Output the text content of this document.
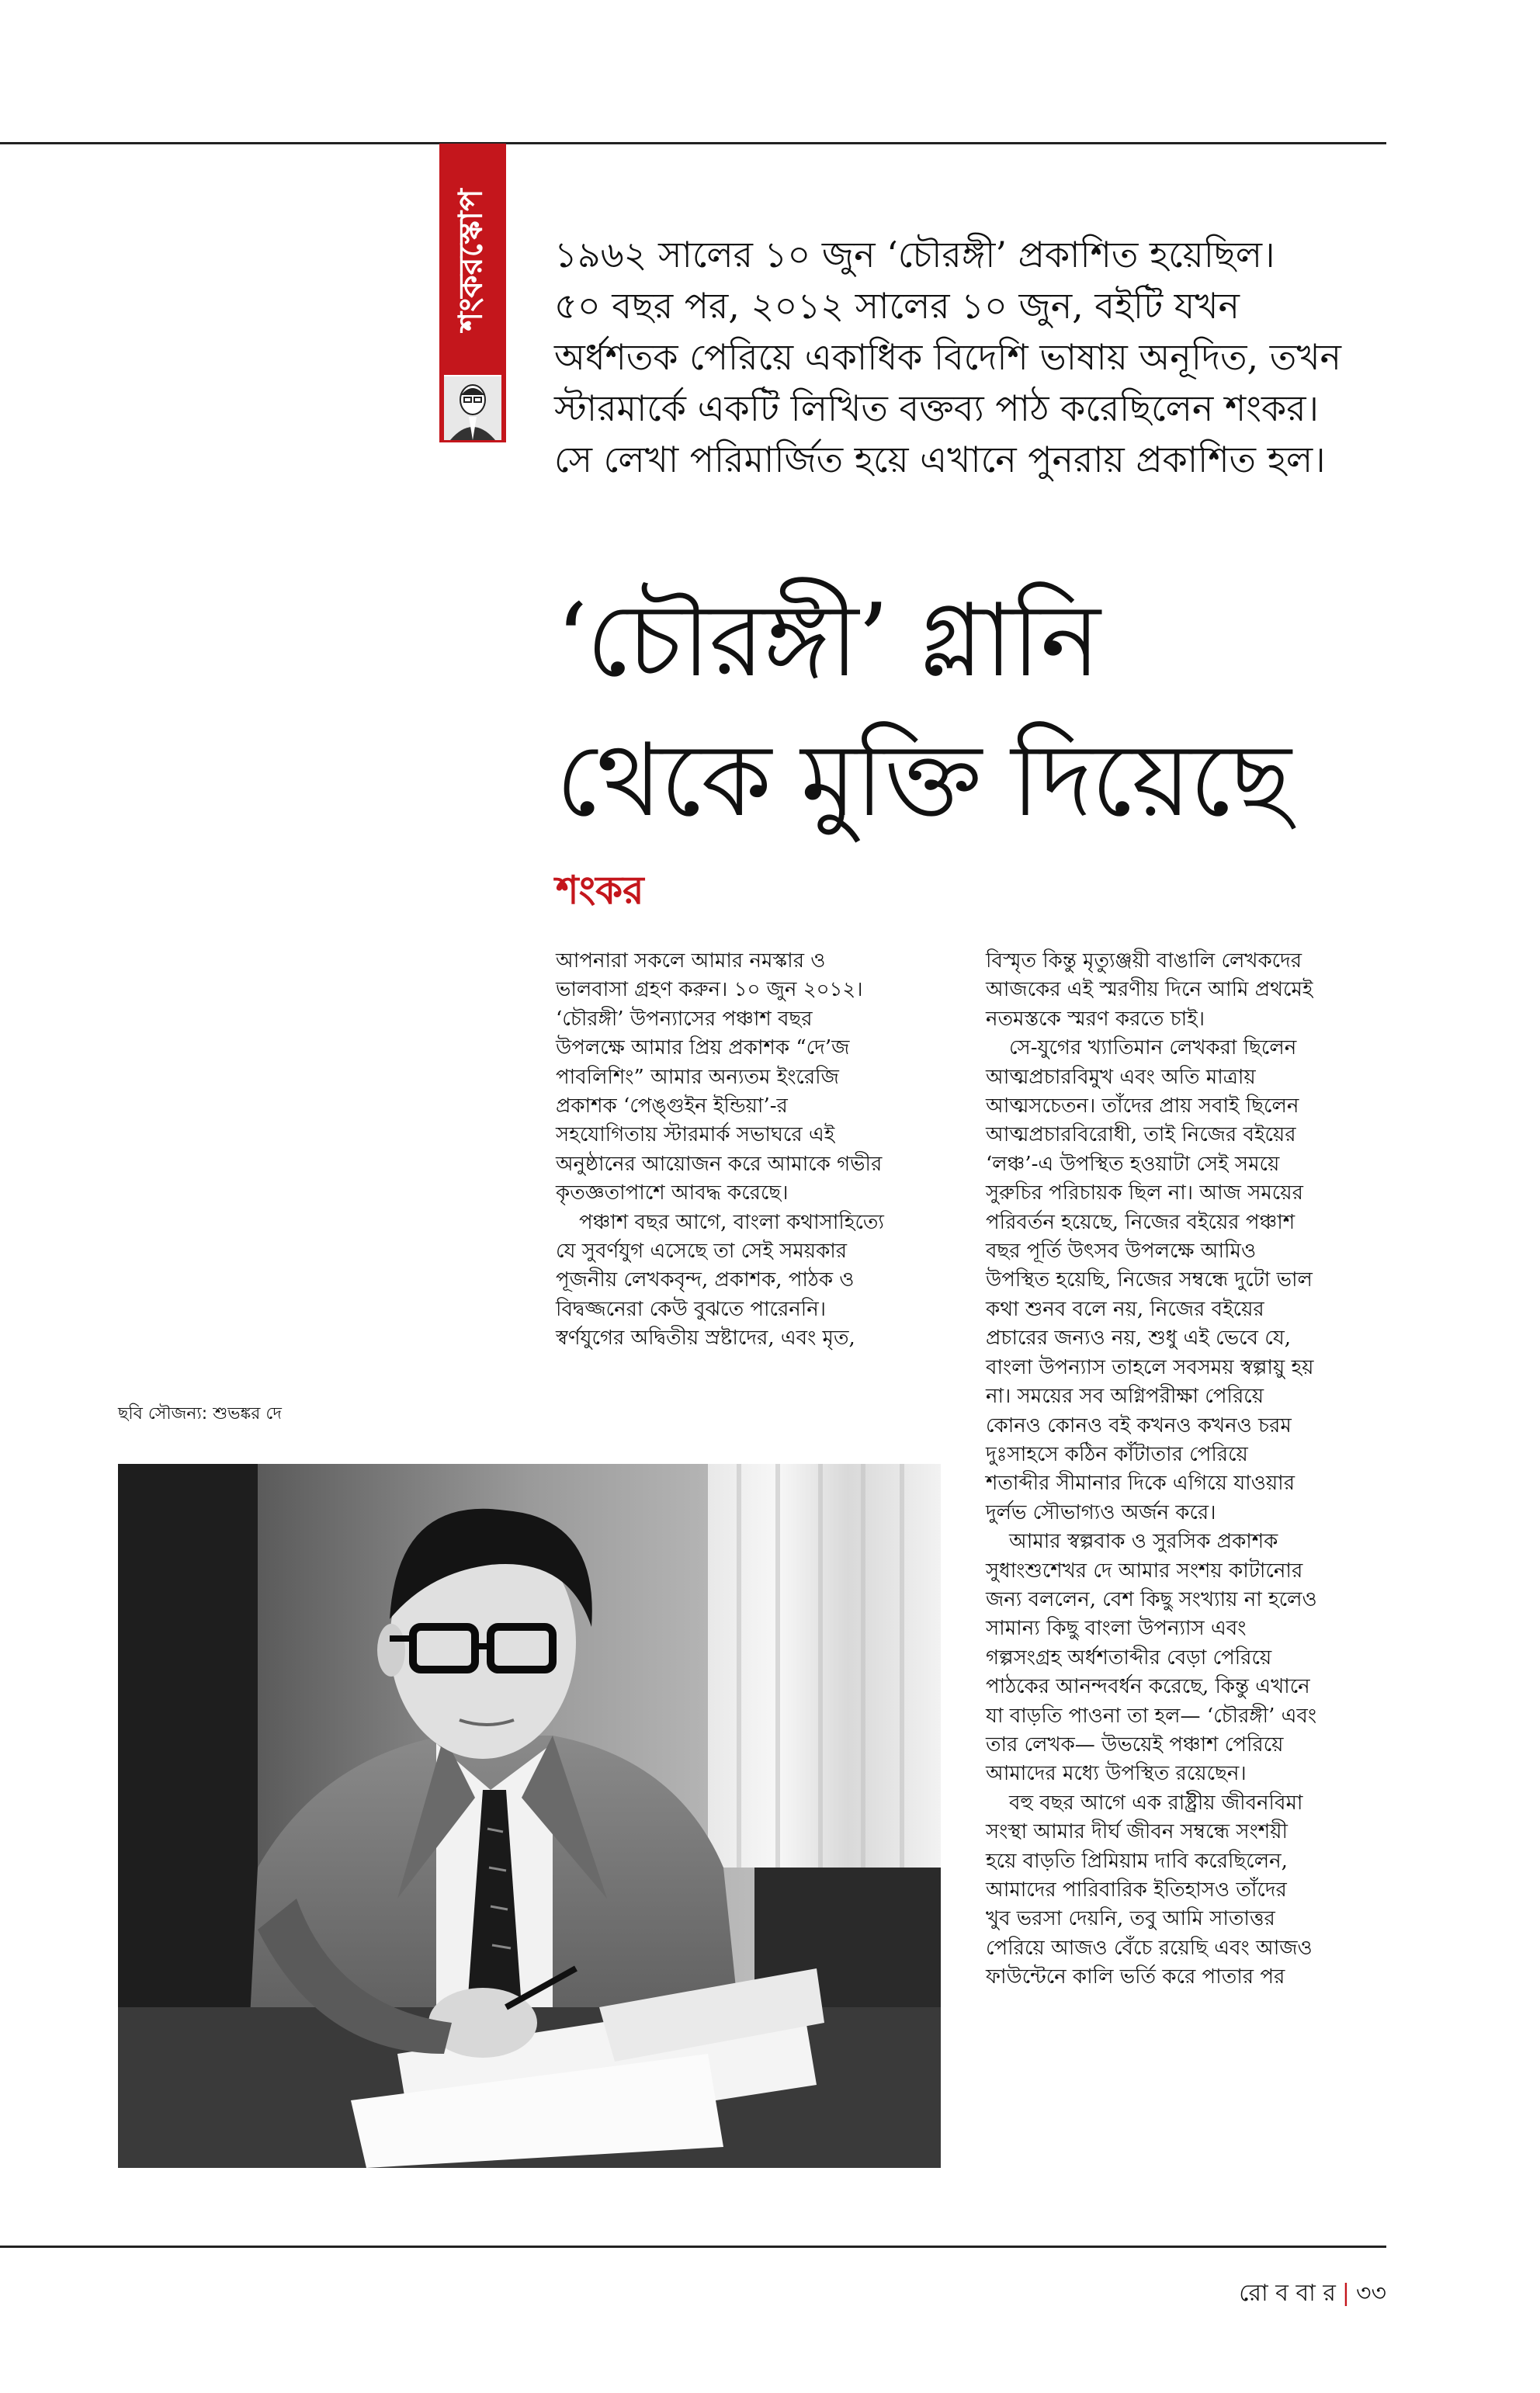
শংকরস্কোপ	১৯৬২ সালের ১০ জুন ‘চৌরঙ্গী’ প্রকাশিত হয়েছিল।
৫০ বছর পর, ২০১২ সালের ১০ জুন, বইটি যখন
অর্ধশতক পেরিয়ে একাধিক বিদেশি ভাষায় অনূদিত, তখন
স্টারমার্কে একটি লিখিত বক্তব্য পাঠ করেছিলেন শংকর।
সে লেখা পরিমার্জিত হয়ে এখানে পুনরায় প্রকাশিত হল।
‘চৌরঙ্গী’ গ্লানি
থেকে মুক্তি দিয়েছে
শংকর

আপনারা সকলে আমার নমস্কার ও

ভালবাসা গ্রহণ করুন। ১০ জুন ২০১২।

‘চৌরঙ্গী’ উপন্যাসের পঞ্চাশ বছর

উপলক্ষে আমার প্রিয় প্রকাশক “দে’জ

পাবলিশিং” আমার অন্যতম ইংরেজি

প্রকাশক ‘পেঙ্গুইন ইন্ডিয়া’-র

সহযোগিতায় স্টারমার্ক সভাঘরে এই

অনুষ্ঠানের আয়োজন করে আমাকে গভীর

কৃতজ্ঞতাপাশে আবদ্ধ করেছে।

পঞ্চাশ বছর আগে, বাংলা কথাসাহিত্যে

যে সুবর্ণযুগ এসেছে তা সেই সময়কার

পূজনীয় লেখকবৃন্দ, প্রকাশক, পাঠক ও

বিদ্বজ্জনেরা কেউ বুঝতে পারেননি।

স্বর্ণযুগের অদ্বিতীয় স্রষ্টাদের, এবং মৃত,

বিস্মৃত কিন্তু মৃত্যুঞ্জয়ী বাঙালি লেখকদের

আজকের এই স্মরণীয় দিনে আমি প্রথমেই

নতমস্তকে স্মরণ করতে চাই।

সে-যুগের খ্যাতিমান লেখকরা ছিলেন

আত্মপ্রচারবিমুখ এবং অতি মাত্রায়

আত্মসচেতন। তাঁদের প্রায় সবাই ছিলেন

আত্মপ্রচারবিরোধী, তাই নিজের বইয়ের

‘লঞ্চ’-এ উপস্থিত হওয়াটা সেই সময়ে

সুরুচির পরিচায়ক ছিল না। আজ সময়ের

পরিবর্তন হয়েছে, নিজের বইয়ের পঞ্চাশ

বছর পূর্তি উৎসব উপলক্ষে আমিও

উপস্থিত হয়েছি, নিজের সম্বন্ধে দুটো ভাল

কথা শুনব বলে নয়, নিজের বইয়ের

প্রচারের জন্যও নয়, শুধু এই ভেবে যে,

বাংলা উপন্যাস তাহলে সবসময় স্বল্পায়ু হয়

না। সময়ের সব অগ্নিপরীক্ষা পেরিয়ে

কোনও কোনও বই কখনও কখনও চরম

দুঃসাহসে কঠিন কাঁটাতার পেরিয়ে

শতাব্দীর সীমানার দিকে এগিয়ে যাওয়ার

দুর্লভ সৌভাগ্যও অর্জন করে।

আমার স্বল্পবাক ও সুরসিক প্রকাশক

সুধাংশুশেখর দে আমার সংশয় কাটানোর

জন্য বললেন, বেশ কিছু সংখ্যায় না হলেও

সামান্য কিছু বাংলা উপন্যাস এবং

গল্পসংগ্রহ অর্ধশতাব্দীর বেড়া পেরিয়ে

পাঠকের আনন্দবর্ধন করেছে, কিন্তু এখানে

যা বাড়তি পাওনা তা হল— ‘চৌরঙ্গী’ এবং

তার লেখক— উভয়েই পঞ্চাশ পেরিয়ে

আমাদের মধ্যে উপস্থিত রয়েছেন।

বহু বছর আগে এক রাষ্ট্রীয় জীবনবিমা

সংস্থা আমার দীর্ঘ জীবন সম্বন্ধে সংশয়ী

হয়ে বাড়তি প্রিমিয়াম দাবি করেছিলেন,

আমাদের পারিবারিক ইতিহাসও তাঁদের

খুব ভরসা দেয়নি, তবু আমি সাতাত্তর

পেরিয়ে আজও বেঁচে রয়েছি এবং আজও

ফাউন্টেনে কালি ভর্তি করে পাতার পর

ছবি সৌজন্য: শুভঙ্কর দে
রো ব বা র | ৩৩
